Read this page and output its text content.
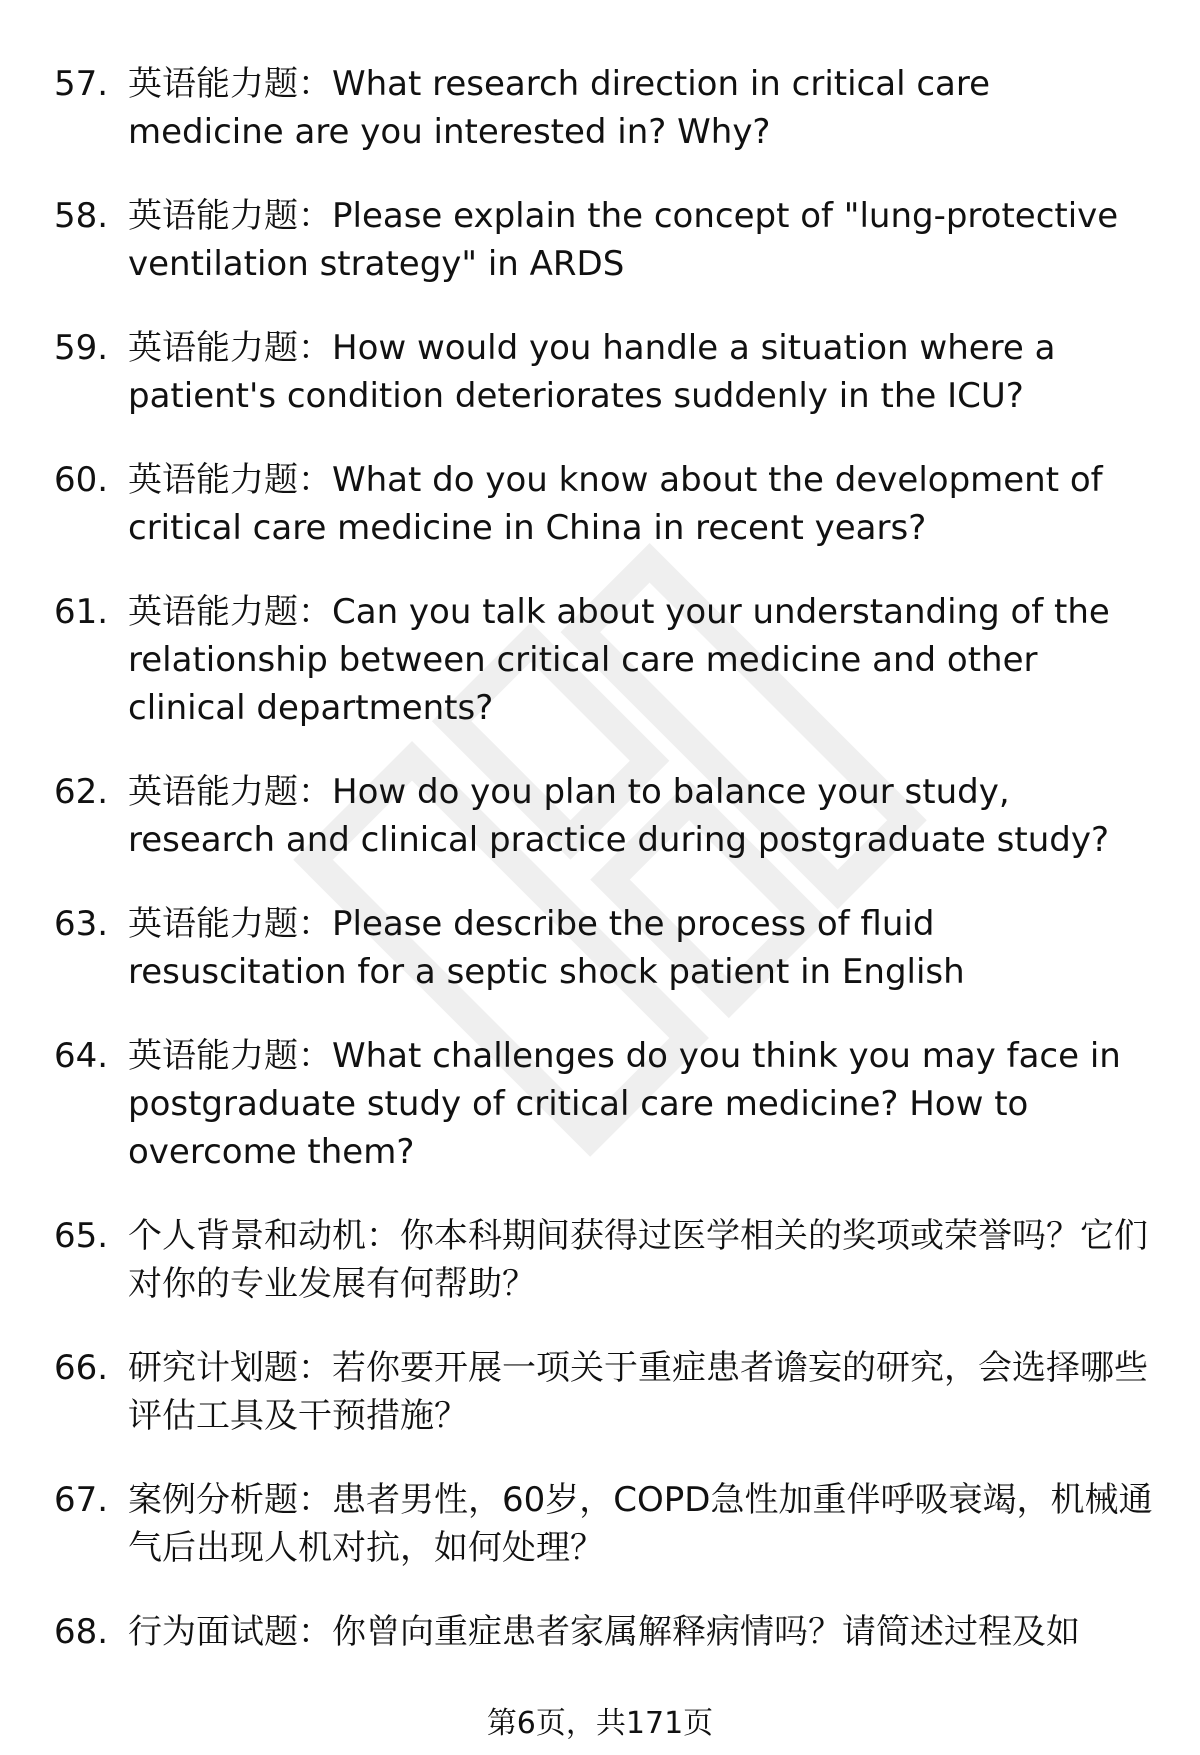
57. 英语能力题：What research direction in critical care medicine are you interested in? Why?
58. 英语能力题：Please explain the concept of "lung-protective ventilation strategy" in ARDS
59. 英语能力题：How would you handle a situation where a patient's condition deteriorates suddenly in the ICU?
60. 英语能力题：What do you know about the development of critical care medicine in China in recent years?
61. 英语能力题：Can you talk about your understanding of the relationship between critical care medicine and other clinical departments?
62. 英语能力题：How do you plan to balance your study, research and clinical practice during postgraduate study?
63. 英语能力题：Please describe the process of fluid resuscitation for a septic shock patient in English
64. 英语能力题：What challenges do you think you may face in postgraduate study of critical care medicine? How to overcome them?
65. 个人背景和动机：你本科期间获得过医学相关的奖项或荣誉吗？它们对你的专业发展有何帮助？
66. 研究计划题：若你要开展一项关于重症患者谵妄的研究，会选择哪些评估工具及干预措施？
67. 案例分析题：患者男性，60岁，COPD急性加重伴呼吸衰竭，机械通气后出现人机对抗，如何处理？
68. 行为面试题：你曾向重症患者家属解释病情吗？请简述过程及如
第6页，共171页
